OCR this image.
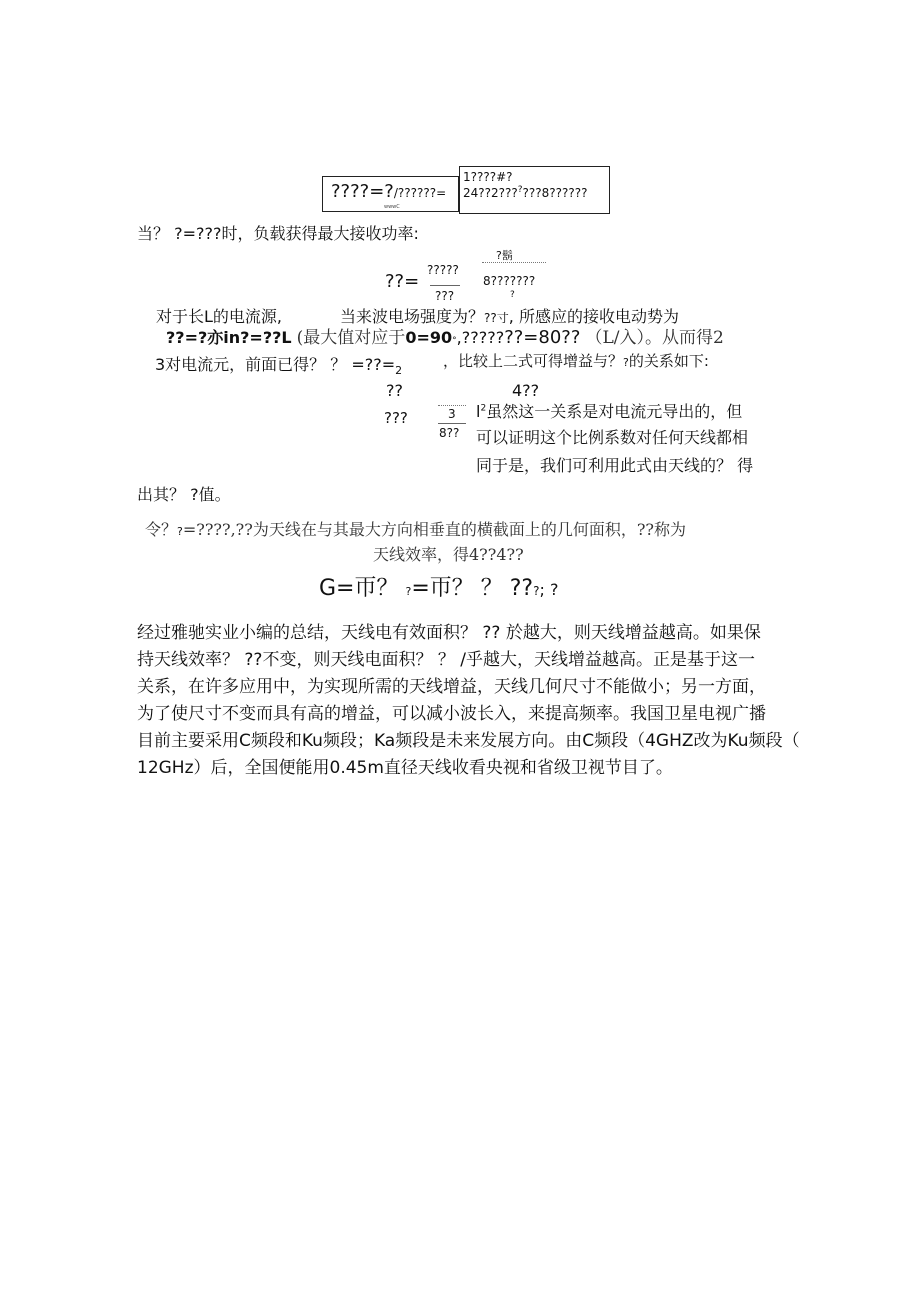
????=?/??????=
wwwC
1????#?
24??2???????8??????
当？ ?=???时，负载获得最大接收功率:
?鬍
??=
?????
???
8???????
?
对于长L的电流源,	当来波电场强度为？??寸, 所感应的接收电动势为
??=?亦in?=??L (最大值对应于0=90°,???????=80?? （L/入）。从而得2
3对电流元，前面已得？ ？ $=??=_2$
，比较上二式可得增益与？?的关系如下:
??	4??
???	3
8??
$l^2$虽然这一关系是对电流元导出的，但
可以证明这个比例系数对任何天线都相
同于是，我们可利用此式由天线的？ 得
出其？ ?值。
令？?=????,??为天线在与其最大方向相垂直的横截面上的几何面积，??称为
天线效率，得4??4??
G=帀？ ?=帀？ ？ ???; ?
经过雅驰实业小编的总结，天线电有效面积？ ?? 於越大，则天线增益越高。如果保
持天线效率？ ??不变，则天线电面积？ ？ /乎越大，天线增益越高。正是基于这一
关系，在许多应用中，为实现所需的天线增益，天线几何尺寸不能做小；另一方面，
为了使尺寸不变而具有高的增益，可以减小波长入，来提高频率。我国卫星电视广播
目前主要采用C频段和Ku频段；Ka频段是未来发展方向。由C频段（4GHZ改为Ku频段（
12GHz）后，全国便能用0.45m直径天线收看央视和省级卫视节目了。
